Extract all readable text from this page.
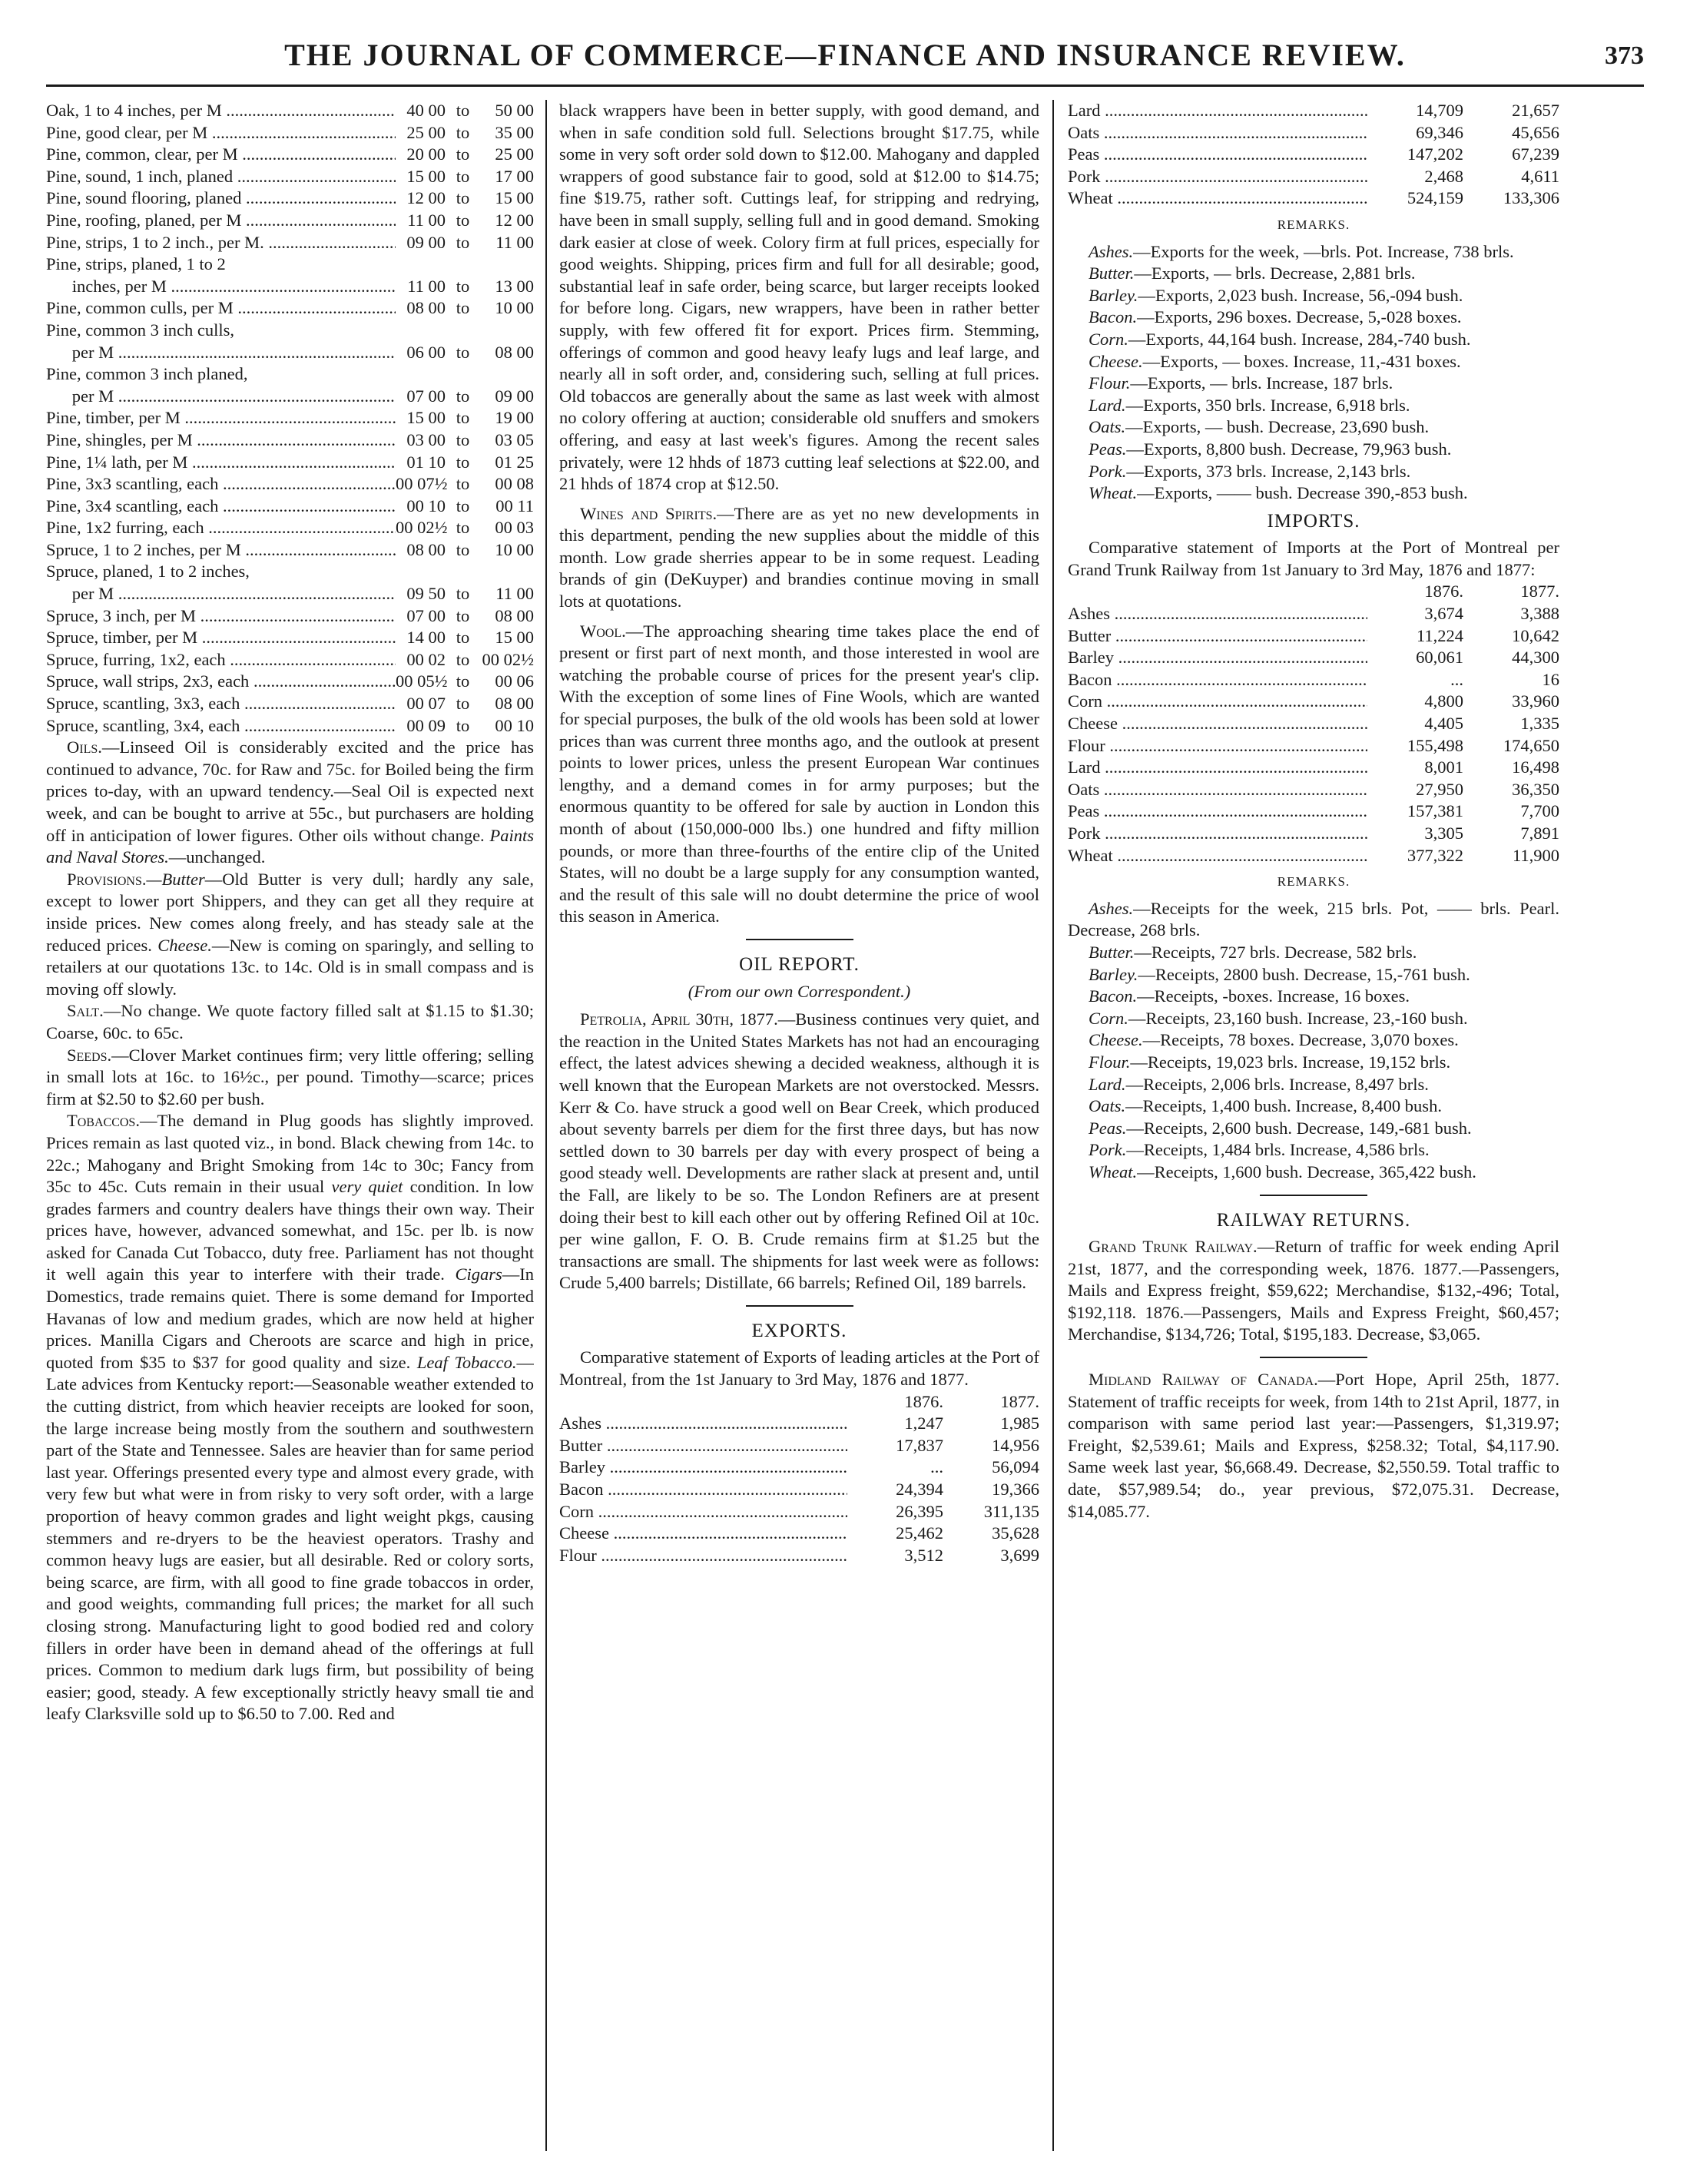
THE JOURNAL OF COMMERCE—FINANCE AND INSURANCE REVIEW.	373
Oak, 1 to 4 inches, per M .....	40 00 to	50 00
Pine, good clear, per M .....	25 00 to	35 00
Pine, common, clear, per M .....	20 00 to	25 00
Pine, sound, 1 inch, planed .....	15 00 to	17 00
Pine, sound flooring, planed .....	12 00 to	15 00
Pine, roofing, planed, per M .....	11 00 to	12 00
Pine, strips, 1 to 2 inch., per M. .....	09 00 to	11 00
Pine, strips, planed, 1 to 2
inches, per M .....	11 00 to	13 00
Pine, common culls, per M .....	08 00 to	10 00
Pine, common 3 inch culls,
per M .....	06 00 to	08 00
Pine, common 3 inch planed,
per M .....	07 00 to	09 00
Pine, timber, per M .....	15 00 to	19 00
Pine, shingles, per M .....	03 00 to	03 05
Pine, 1¼ lath, per M .....	01 10 to	01 25
Pine, 3x3 scantling, each .....	00 07½ to	00 08
Pine, 3x4 scantling, each .....	00 10 to	00 11
Pine, 1x2 furring, each .....	00 02½ to	00 03
Spruce, 1 to 2 inches, per M .....	08 00 to	10 00
Spruce, planed, 1 to 2 inches,
per M .....	09 50 to	11 00
Spruce, 3 inch, per M .....	07 00 to	08 00
Spruce, timber, per M .....	14 00 to	15 00
Spruce, furring, 1x2, each .....	00 02 to 00 02½
Spruce, wall strips, 2x3, each .....	00 05½ to	00 06
Spruce, scantling, 3x3, each .....	00 07 to	08 00
Spruce, scantling, 3x4, each .....	00 09 to	00 10

Oils.—Linseed Oil is considerably excited and the price has continued to advance, 70c. for Raw and 75c. for Boiled being the firm prices to-day, with an upward tendency.—Seal Oil is expected next week, and can be bought to arrive at 55c., but purchasers are holding off in anticipation of lower figures. Other oils without change. Paints and Naval Stores.—unchanged.

Provisions.—Butter—Old Butter is very dull; hardly any sale, except to lower port Shippers, and they can get all they require at inside prices. New comes along freely, and has steady sale at the reduced prices. Cheese.—New is coming on sparingly, and selling to retailers at our quotations 13c. to 14c. Old is in small compass and is moving off slowly.

Salt.—No change. We quote factory filled salt at $1.15 to $1.30; Coarse, 60c. to 65c.

Seeds.—Clover Market continues firm; very little offering; selling in small lots at 16c. to 16½c., per pound. Timothy—scarce; prices firm at $2.50 to $2.60 per bush.

Tobaccos.—The demand in Plug goods has slightly improved. Prices remain as last quoted viz., in bond. Black chewing from 14c. to 22c.; Mahogany and Bright Smoking from 14c to 30c; Fancy from 35c to 45c. Cuts remain in their usual very quiet condition. In low grades farmers and country dealers have things their own way. Their prices have, however, advanced somewhat, and 15c. per lb. is now asked for Canada Cut Tobacco, duty free. Parliament has not thought it well again this year to interfere with their trade. Cigars—In Domestics, trade remains quiet. There is some demand for Imported Havanas of low and medium grades, which are now held at higher prices. Manilla Cigars and Cheroots are scarce and high in price, quoted from $35 to $37 for good quality and size. Leaf Tobacco.—Late advices from Kentucky report:—Seasonable weather extended to the cutting district, from which heavier receipts are looked for soon, the large increase being mostly from the southern and southwestern part of the State and Tennessee. Sales are heavier than for same period last year. Offerings presented every type and almost every grade, with very few but what were in from risky to very soft order, with a large proportion of heavy common grades and light weight pkgs, causing stemmers and re-dryers to be the heaviest operators. Trashy and common heavy lugs are easier, but all desirable. Red or colory sorts, being scarce, are firm, with all good to fine grade tobaccos in order, and good weights, commanding full prices; the market for all such closing strong. Manufacturing light to good bodied red and colory fillers in order have been in demand ahead of the offerings at full prices. Common to medium dark lugs firm, but possibility of being easier; good, steady. A few exceptionally strictly heavy small tie and leafy Clarksville sold up to $6.50 to 7.00. Red and

black wrappers have been in better supply, with good demand, and when in safe condition sold full. Selections brought $17.75, while some in very soft order sold down to $12.00. Mahogany and dappled wrappers of good substance fair to good, sold at $12.00 to $14.75; fine $19.75, rather soft. Cuttings leaf, for stripping and redrying, have been in small supply, selling full and in good demand. Smoking dark easier at close of week. Colory firm at full prices, especially for good weights. Shipping, prices firm and full for all desirable; good, substantial leaf in safe order, being scarce, but larger receipts looked for before long. Cigars, new wrappers, have been in rather better supply, with few offered fit for export. Prices firm. Stemming, offerings of common and good heavy leafy lugs and leaf large, and nearly all in soft order, and, considering such, selling at full prices. Old tobaccos are generally about the same as last week with almost no colory offering at auction; considerable old snuffers and smokers offering, and easy at last week's figures. Among the recent sales privately, were 12 hhds of 1873 cutting leaf selections at $22.00, and 21 hhds of 1874 crop at $12.50.

Wines and Spirits.—There are as yet no new developments in this department, pending the new supplies about the middle of this month. Low grade sherries appear to be in some request. Leading brands of gin (DeKuyper) and brandies continue moving in small lots at quotations.

Wool.—The approaching shearing time takes place the end of present or first part of next month, and those interested in wool are watching the probable course of prices for the present year's clip. With the exception of some lines of Fine Wools, which are wanted for special purposes, the bulk of the old wools has been sold at lower prices than was current three months ago, and the outlook at present points to lower prices, unless the present European War continues lengthy, and a demand comes in for army purposes; but the enormous quantity to be offered for sale by auction in London this month of about (150,000-000 lbs.) one hundred and fifty million pounds, or more than three-fourths of the entire clip of the United States, will no doubt be a large supply for any consumption wanted, and the result of this sale will no doubt determine the price of wool this season in America.

OIL REPORT.
(From our own Correspondent.)

Petrolia, April 30th, 1877.—Business continues very quiet, and the reaction in the United States Markets has not had an encouraging effect, the latest advices shewing a decided weakness, although it is well known that the European Markets are not overstocked. Messrs. Kerr & Co. have struck a good well on Bear Creek, which produced about seventy barrels per diem for the first three days, but has now settled down to 30 barrels per day with every prospect of being a good steady well. Developments are rather slack at present and, until the Fall, are likely to be so. The London Refiners are at present doing their best to kill each other out by offering Refined Oil at 10c. per wine gallon, F. O. B. Crude remains firm at $1.25 but the transactions are small. The shipments for last week were as follows: Crude 5,400 barrels; Distillate, 66 barrels; Refined Oil, 189 barrels.

EXPORTS.

Comparative statement of Exports of leading articles at the Port of Montreal, from the 1st January to 3rd May, 1876 and 1877.

1876.	1877.
Ashes .....	1,247	1,985
Butter .....	17,837	14,956
Barley .....	...	56,094
Bacon .....	24,394	19,366
Corn .....	26,395	311,135
Cheese .....	25,462	35,628
Flour .....	3,512	3,699
Lard .....	14,709	21,657
Oats .....	69,346	45,656
Peas .....	147,202	67,239
Pork .....	2,468	4,611
Wheat .....	524,159	133,306
REMARKS.

Ashes.—Exports for the week, —brls. Pot. Increase, 738 brls.

Butter.—Exports, — brls. Decrease, 2,881 brls.

Barley.—Exports, 2,023 bush. Increase, 56,-094 bush.

Bacon.—Exports, 296 boxes. Decrease, 5,-028 boxes.

Corn.—Exports, 44,164 bush. Increase, 284,-740 bush.

Cheese.—Exports, — boxes. Increase, 11,-431 boxes.

Flour.—Exports, — brls. Increase, 187 brls.

Lard.—Exports, 350 brls. Increase, 6,918 brls.

Oats.—Exports, — bush. Decrease, 23,690 bush.

Peas.—Exports, 8,800 bush. Decrease, 79,963 bush.

Pork.—Exports, 373 brls. Increase, 2,143 brls.

Wheat.—Exports, —— bush. Decrease 390,-853 bush.

IMPORTS.

Comparative statement of Imports at the Port of Montreal per Grand Trunk Railway from 1st January to 3rd May, 1876 and 1877:

1876.	1877.
Ashes .....	3,674	3,388
Butter .....	11,224	10,642
Barley .....	60,061	44,300
Bacon .....	...	16
Corn .....	4,800	33,960
Cheese .....	4,405	1,335
Flour .....	155,498	174,650
Lard .....	8,001	16,498
Oats .....	27,950	36,350
Peas .....	157,381	7,700
Pork .....	3,305	7,891
Wheat .....	377,322	11,900
REMARKS.

Ashes.—Receipts for the week, 215 brls. Pot, —— brls. Pearl. Decrease, 268 brls.

Butter.—Receipts, 727 brls. Decrease, 582 brls.

Barley.—Receipts, 2800 bush. Decrease, 15,-761 bush.

Bacon.—Receipts, -boxes. Increase, 16 boxes.

Corn.—Receipts, 23,160 bush. Increase, 23,-160 bush.

Cheese.—Receipts, 78 boxes. Decrease, 3,070 boxes.

Flour.—Receipts, 19,023 brls. Increase, 19,152 brls.

Lard.—Receipts, 2,006 brls. Increase, 8,497 brls.

Oats.—Receipts, 1,400 bush. Increase, 8,400 bush.

Peas.—Receipts, 2,600 bush. Decrease, 149,-681 bush.

Pork.—Receipts, 1,484 brls. Increase, 4,586 brls.

Wheat.—Receipts, 1,600 bush. Decrease, 365,422 bush.

RAILWAY RETURNS.

Grand Trunk Railway.—Return of traffic for week ending April 21st, 1877, and the corresponding week, 1876. 1877.—Passengers, Mails and Express freight, $59,622; Merchandise, $132,-496; Total, $192,118. 1876.—Passengers, Mails and Express Freight, $60,457; Merchandise, $134,726; Total, $195,183. Decrease, $3,065.

Midland Railway of Canada.—Port Hope, April 25th, 1877. Statement of traffic receipts for week, from 14th to 21st April, 1877, in comparison with same period last year:—Passengers, $1,319.97; Freight, $2,539.61; Mails and Express, $258.32; Total, $4,117.90. Same week last year, $6,668.49. Decrease, $2,550.59. Total traffic to date, $57,989.54; do., year previous, $72,075.31. Decrease, $14,085.77.
